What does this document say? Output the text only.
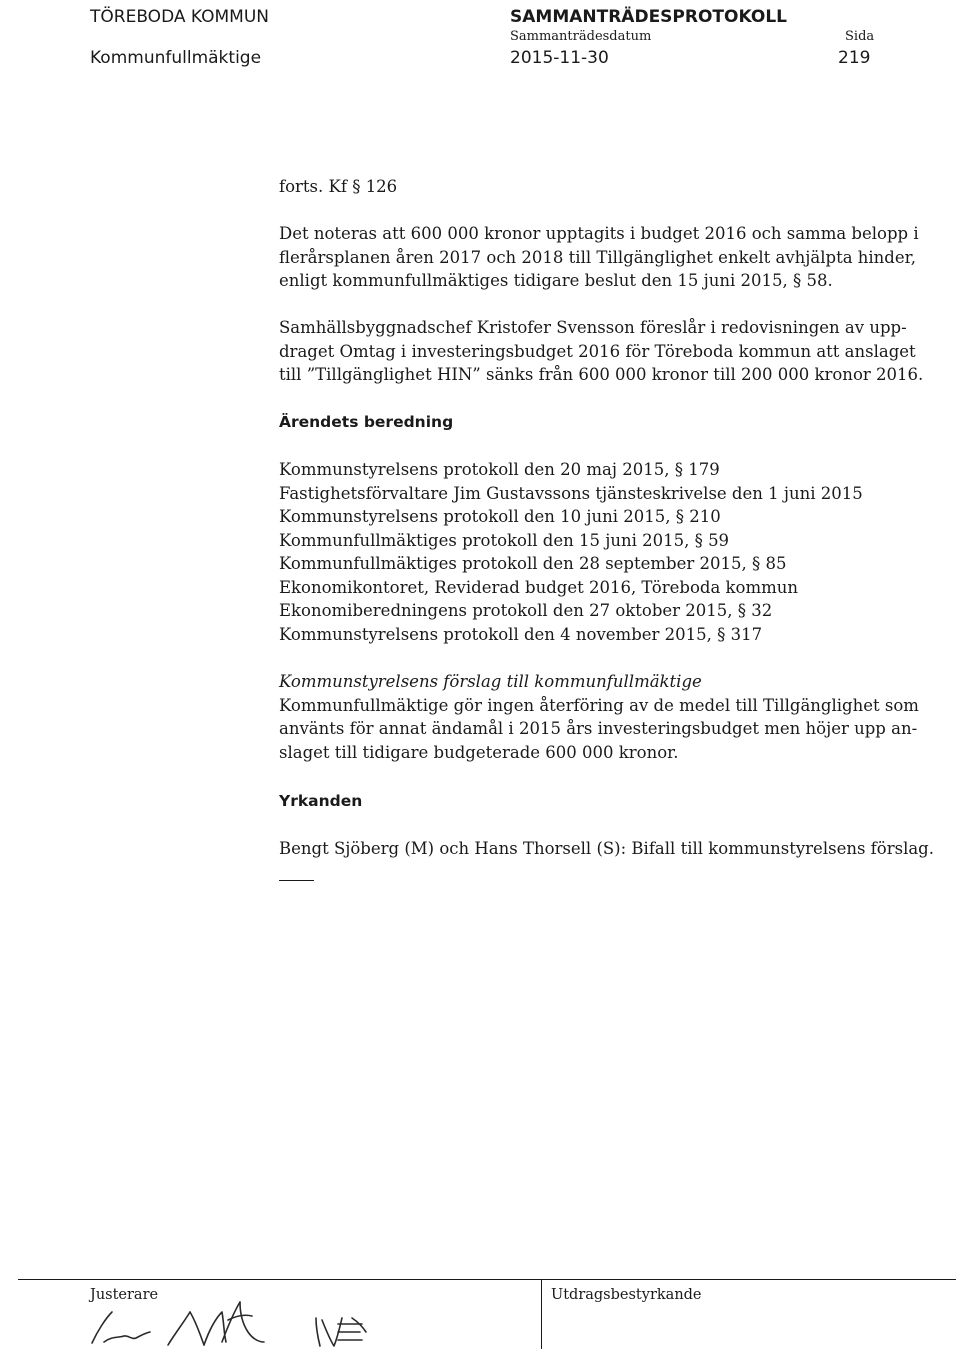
TÖREBODA KOMMUN
Kommunfullmäktige
SAMMANTRÄDESPROTOKOLL
Sammanträdesdatum
2015-11-30
Sida
219
forts. Kf § 126
Det noteras att 600 000 kronor upptagits i budget 2016 och samma belopp i
flerårsplanen åren 2017 och 2018 till Tillgänglighet enkelt avhjälpta hinder,
enligt kommunfullmäktiges tidigare beslut den 15 juni 2015, § 58.
Samhällsbyggnadschef Kristofer Svensson föreslår i redovisningen av upp-
draget Omtag i investeringsbudget 2016 för Töreboda kommun att anslaget
till ”Tillgänglighet HIN” sänks från 600 000 kronor till 200 000 kronor 2016.
Ärendets beredning
Kommunstyrelsens protokoll den 20 maj 2015, § 179
Fastighetsförvaltare Jim Gustavssons tjänsteskrivelse den 1 juni 2015
Kommunstyrelsens protokoll den 10 juni 2015, § 210
Kommunfullmäktiges protokoll den 15 juni 2015, § 59
Kommunfullmäktiges protokoll den 28 september 2015, § 85
Ekonomikontoret, Reviderad budget 2016, Töreboda kommun
Ekonomiberedningens protokoll den 27 oktober 2015, § 32
Kommunstyrelsens protokoll den 4 november 2015, § 317
Kommunstyrelsens förslag till kommunfullmäktige
Kommunfullmäktige gör ingen återföring av de medel till Tillgänglighet som
använts för annat ändamål i 2015 års investeringsbudget men höjer upp an-
slaget till tidigare budgeterade 600 000 kronor.
Yrkanden
Bengt Sjöberg (M) och Hans Thorsell (S): Bifall till kommunstyrelsens förslag.
Justerare	Utdragsbestyrkande
